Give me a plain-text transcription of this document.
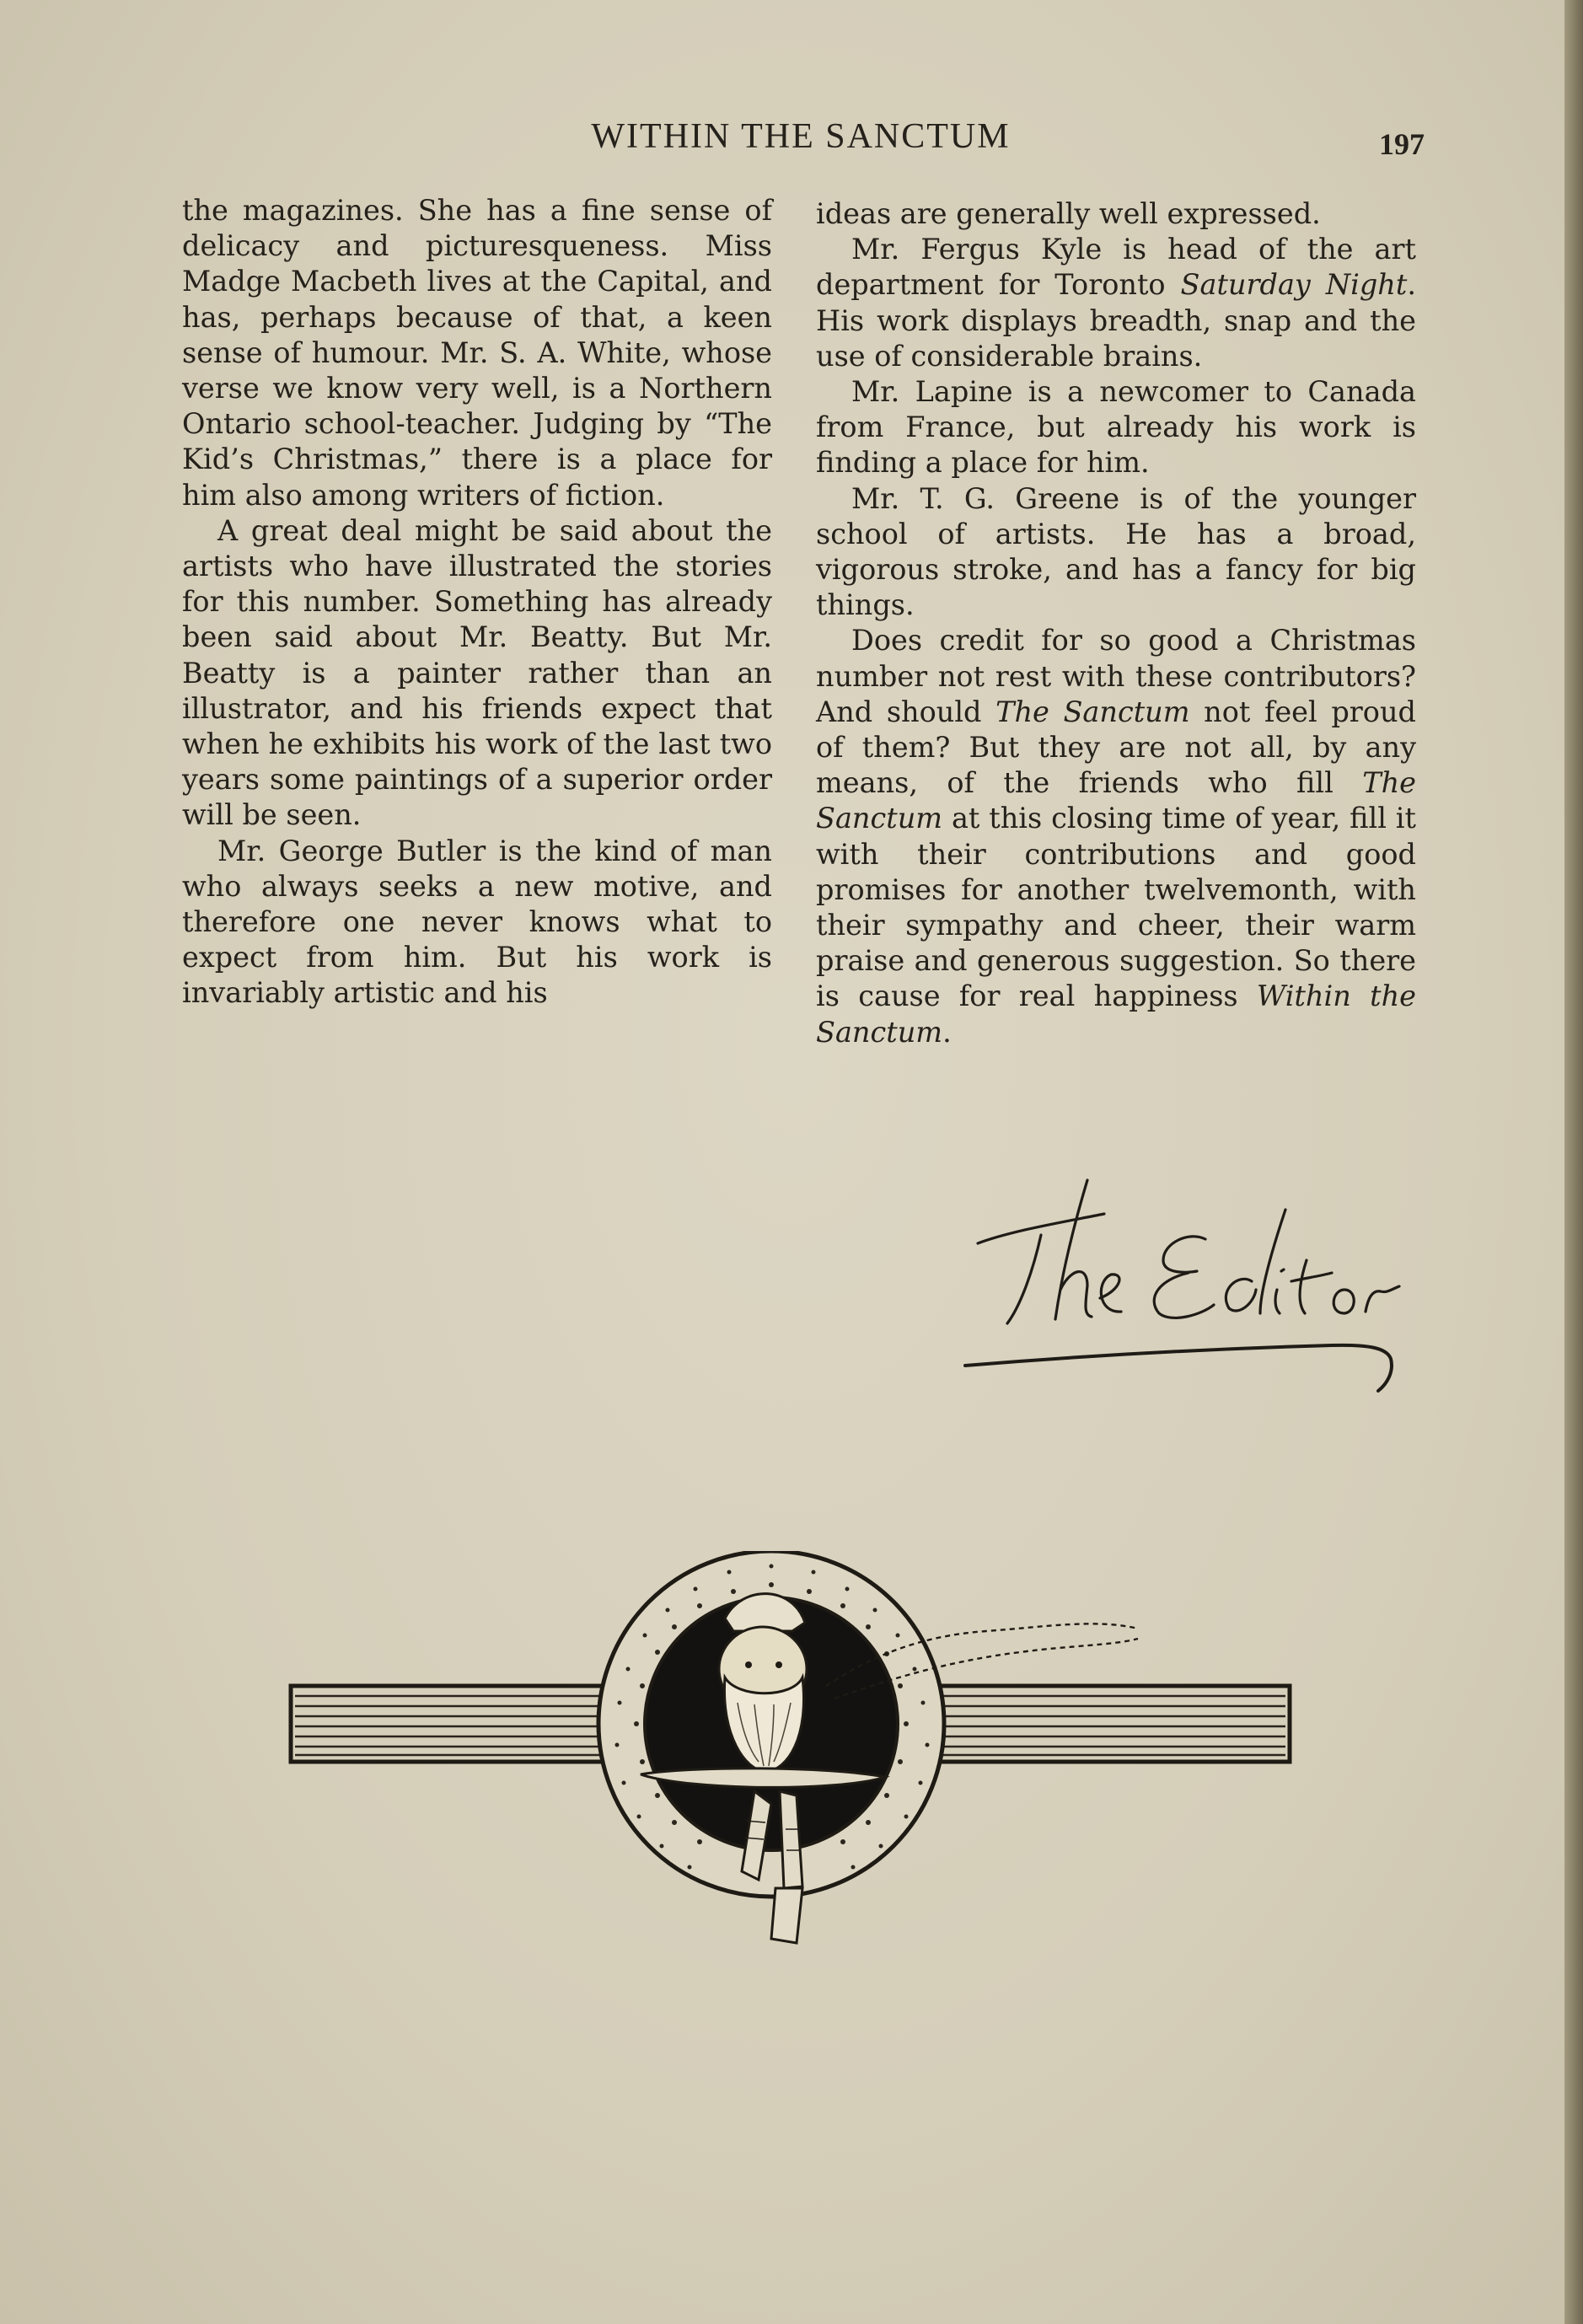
WITHIN THE SANCTUM	197

the magazines. She has a fine sense of delicacy and picturesqueness. Miss Madge Macbeth lives at the Capital, and has, perhaps because of that, a keen sense of humour. Mr. S. A. White, whose verse we know very well, is a Northern Ontario school-teacher. Judging by “The Kid’s Christmas,” there is a place for him also among writers of fiction.

A great deal might be said about the artists who have illustrated the stories for this number. Something has already been said about Mr. Beatty. But Mr. Beatty is a painter rather than an illustrator, and his friends expect that when he exhibits his work of the last two years some paintings of a superior order will be seen.

Mr. George Butler is the kind of man who always seeks a new motive, and therefore one never knows what to expect from him. But his work is invariably artistic and his

ideas are generally well expressed.

Mr. Fergus Kyle is head of the art department for Toronto Saturday Night. His work displays breadth, snap and the use of considerable brains.

Mr. Lapine is a newcomer to Canada from France, but already his work is finding a place for him.

Mr. T. G. Greene is of the younger school of artists. He has a broad, vigorous stroke, and has a fancy for big things.

Does credit for so good a Christmas number not rest with these contributors? And should The Sanctum not feel proud of them? But they are not all, by any means, of the friends who fill The Sanctum at this closing time of year, fill it with their contributions and good promises for another twelvemonth, with their sympathy and cheer, their warm praise and generous suggestion. So there is cause for real happiness Within the Sanctum.
